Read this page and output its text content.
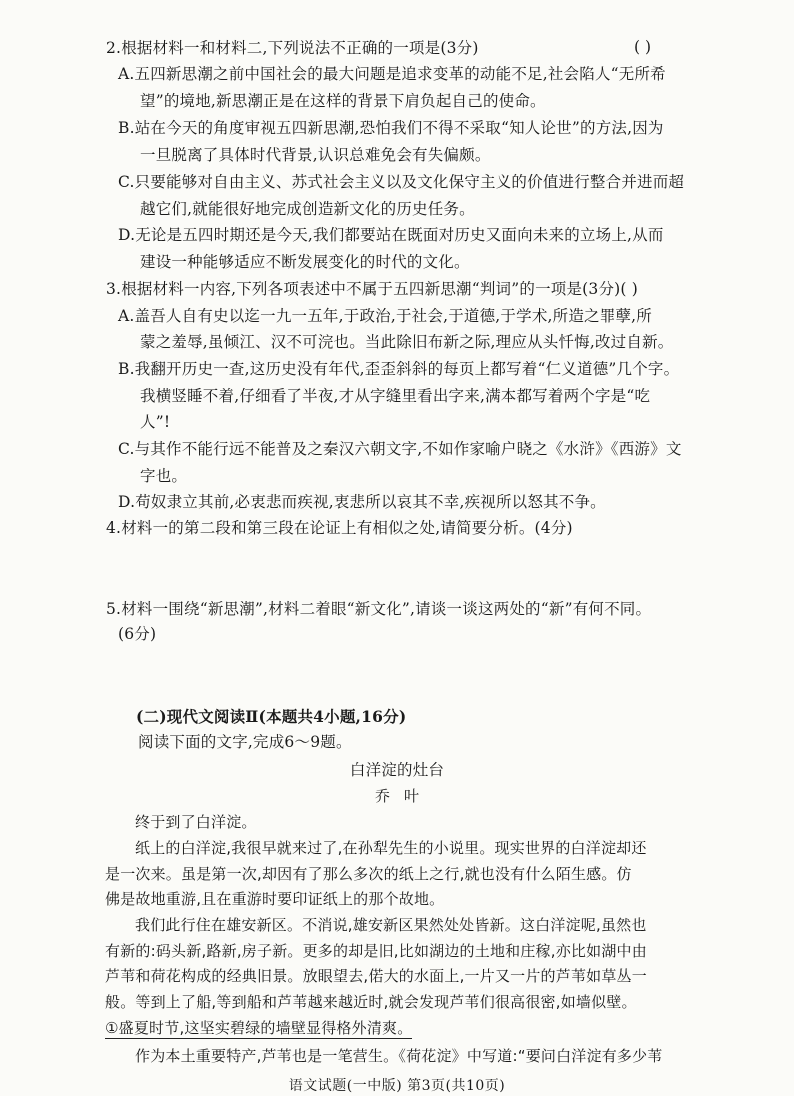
2.根据材料一和材料二,下列说法不正确的一项是(3分)	( )
A.五四新思潮之前中国社会的最大问题是追求变革的动能不足,社会陷人“无所希
望”的境地,新思潮正是在这样的背景下肩负起自己的使命。
B.站在今天的角度审视五四新思潮,恐怕我们不得不采取“知人论世”的方法,因为
一旦脱离了具体时代背景,认识总难免会有失偏颇。
C.只要能够对自由主义、苏式社会主义以及文化保守主义的价值进行整合并进而超
越它们,就能很好地完成创造新文化的历史任务。
D.无论是五四时期还是今天,我们都要站在既面对历史又面向未来的立场上,从而
建设一种能够适应不断发展变化的时代的文化。
3.根据材料一内容,下列各项表述中不属于五四新思潮“判词”的一项是(3分)( )
A.盖吾人自有史以迄一九一五年,于政治,于社会,于道德,于学术,所造之罪孽,所
蒙之羞辱,虽倾江、汉不可浣也。当此除旧布新之际,理应从头忏悔,改过自新。
B.我翻开历史一查,这历史没有年代,歪歪斜斜的每页上都写着“仁义道德”几个字。
我横竖睡不着,仔细看了半夜,才从字缝里看出字来,满本都写着两个字是“吃
人”!
C.与其作不能行远不能普及之秦汉六朝文字,不如作家喻户晓之《水浒》《西游》文
字也。
D.苟奴隶立其前,必衷悲而疾视,衷悲所以哀其不幸,疾视所以怒其不争。
4.材料一的第二段和第三段在论证上有相似之处,请简要分析。(4分)
5.材料一围绕“新思潮”,材料二着眼“新文化”,请谈一谈这两处的“新”有何不同。
(6分)
(二)现代文阅读Ⅱ(本题共4小题,16分)
阅读下面的文字,完成6～9题。
白洋淀的灶台
乔叶
终于到了白洋淀。
纸上的白洋淀,我很早就来过了,在孙犁先生的小说里。现实世界的白洋淀却还
是一次来。虽是第一次,却因有了那么多次的纸上之行,就也没有什么陌生感。仿
佛是故地重游,且在重游时要印证纸上的那个故地。
我们此行住在雄安新区。不消说,雄安新区果然处处皆新。这白洋淀呢,虽然也
有新的:码头新,路新,房子新。更多的却是旧,比如湖边的土地和庄稼,亦比如湖中由
芦苇和荷花构成的经典旧景。放眼望去,偌大的水面上,一片又一片的芦苇如草丛一
般。等到上了船,等到船和芦苇越来越近时,就会发现芦苇们很高很密,如墙似壁。
①盛夏时节,这坚实碧绿的墙壁显得格外清爽。
作为本土重要特产,芦苇也是一笔营生。《荷花淀》中写道:“要问白洋淀有多少苇
语文试题(一中版) 第3页(共10页)
